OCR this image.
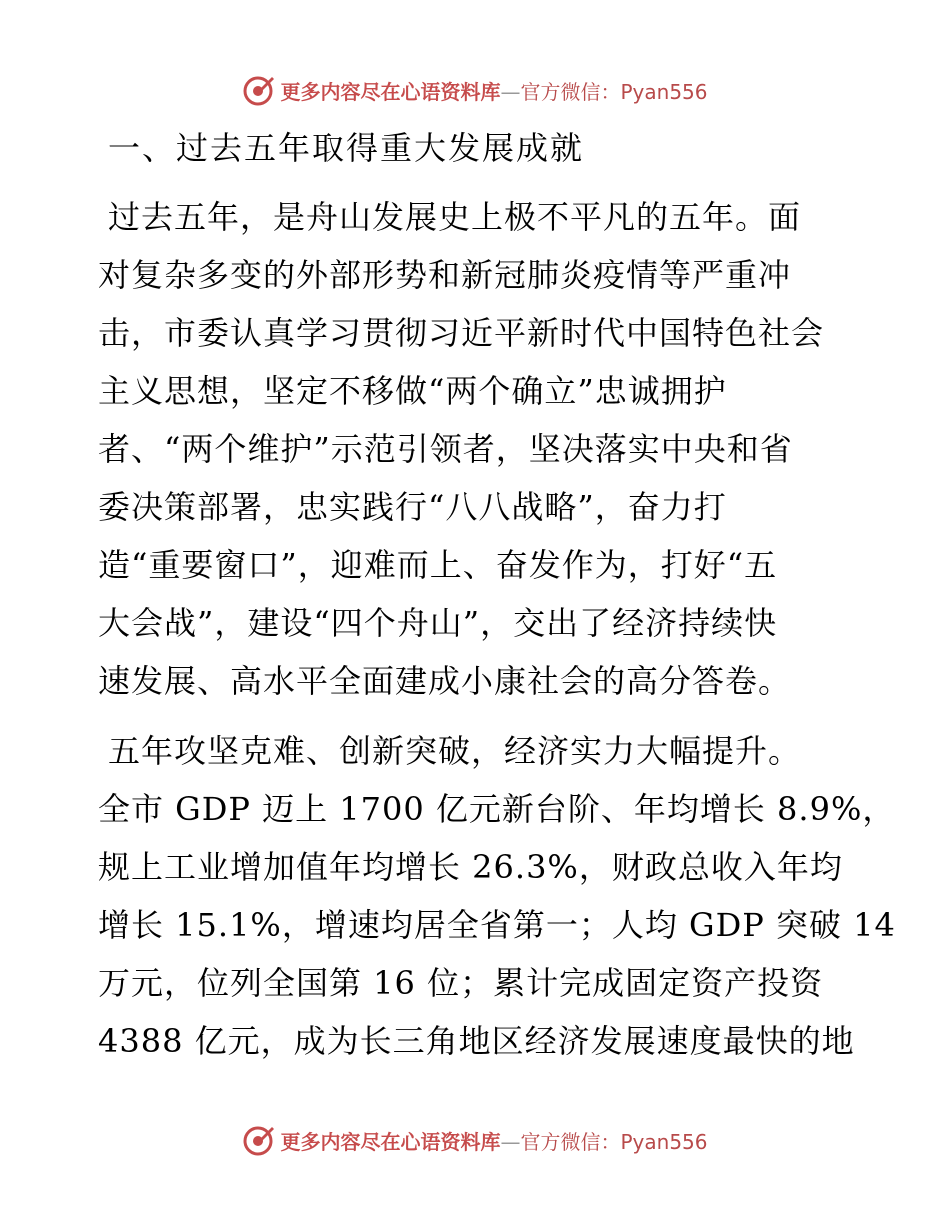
更多内容尽在心语资料库—官方微信：Pyan556
一、过去五年取得重大发展成就

过去五年，是舟山发展史上极不平凡的五年。面
对复杂多变的外部形势和新冠肺炎疫情等严重冲
击，市委认真学习贯彻习近平新时代中国特色社会
主义思想，坚定不移做“两个确立”忠诚拥护
者、“两个维护”示范引领者，坚决落实中央和省
委决策部署，忠实践行“八八战略”，奋力打
造“重要窗口”，迎难而上、奋发作为，打好“五
大会战”，建设“四个舟山”，交出了经济持续快
速发展、高水平全面建成小康社会的高分答卷。

五年攻坚克难、创新突破，经济实力大幅提升。
全市 GDP 迈上 1700 亿元新台阶、年均增长 8.9%，
规上工业增加值年均增长 26.3%，财政总收入年均
增长 15.1%，增速均居全省第一；人均 GDP 突破 14
万元，位列全国第 16 位；累计完成固定资产投资
4388 亿元，成为长三角地区经济发展速度最快的地

更多内容尽在心语资料库—官方微信：Pyan556
